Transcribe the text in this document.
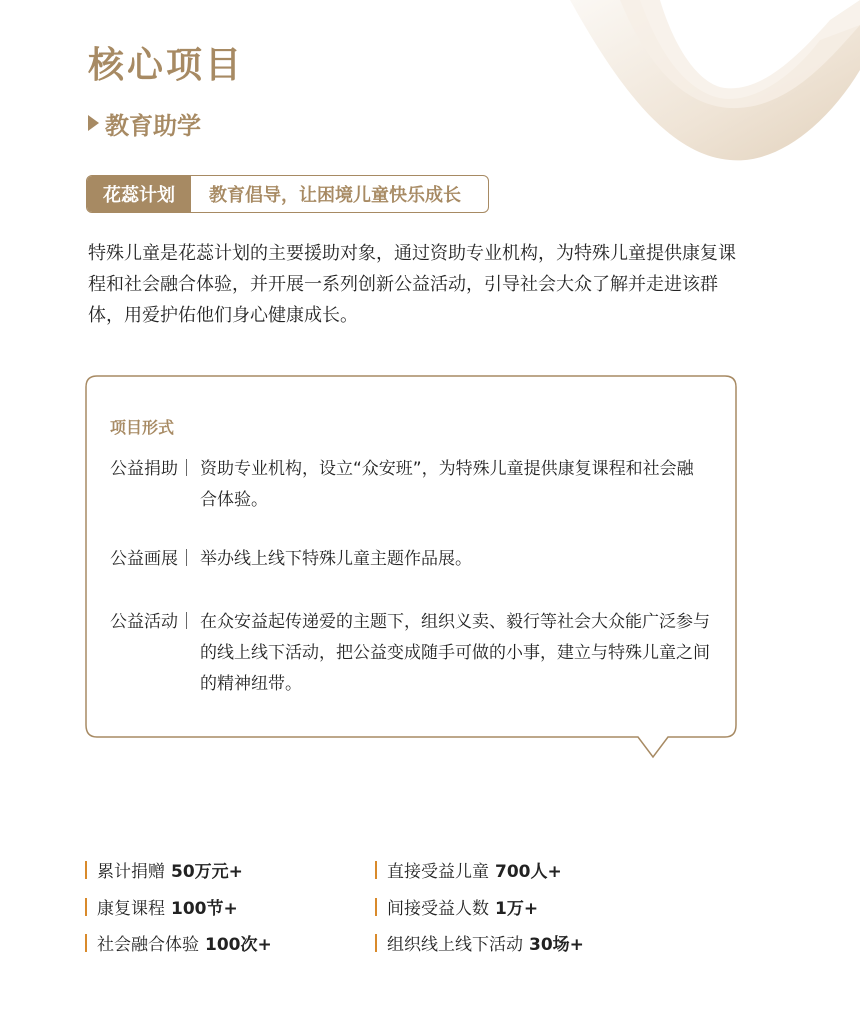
核心项目
教育助学
花蕊计划	教育倡导，让困境儿童快乐成长
特殊儿童是花蕊计划的主要援助对象，通过资助专业机构，为特殊儿童提供康复课程和社会融合体验，并开展一系列创新公益活动，引导社会大众了解并走进该群体，用爱护佑他们身心健康成长。
项目形式
公益捐助｜ 资助专业机构，设立“众安班”，为特殊儿童提供康复课程和社会融合体验。
公益画展｜ 举办线上线下特殊儿童主题作品展。
公益活动｜ 在众安益起传递爱的主题下，组织义卖、毅行等社会大众能广泛参与的线上线下活动，把公益变成随手可做的小事，建立与特殊儿童之间的精神纽带。
累计捐赠 50万元+	直接受益儿童 700人+
康复课程 100节+	间接受益人数 1万+
社会融合体验 100次+	组织线上线下活动 30场+
